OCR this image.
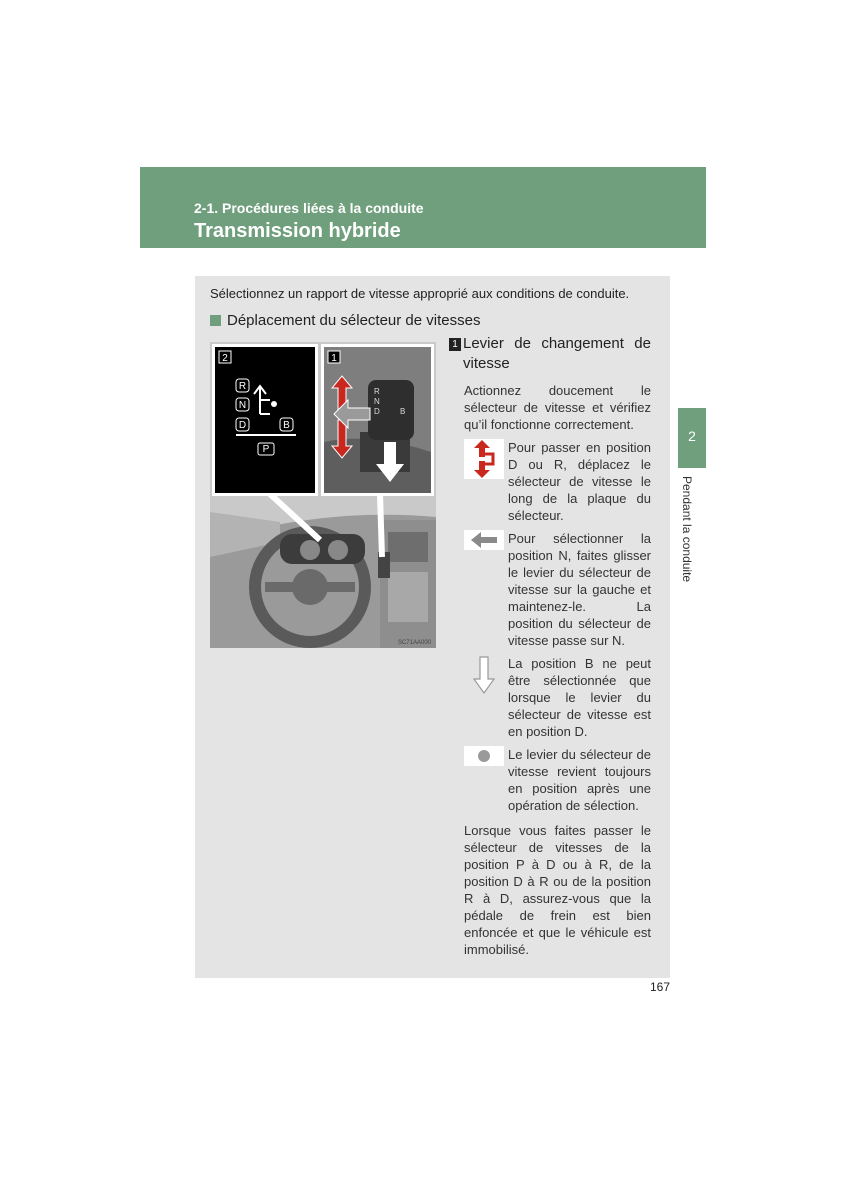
2-1. Procédures liées à la conduite
Transmission hybride
Sélectionnez un rapport de vitesse approprié aux conditions de conduite.
Déplacement du sélecteur de vitesses
2
R
N
D	B
P
1
R
N
D	B
SC71AA000
1 Levier de changement de vitesse
Actionnez doucement le sélecteur de vitesse et vérifiez qu’il fonctionne correctement.
Pour passer en position D ou R, déplacez le sélecteur de vitesse le long de la plaque du sélecteur.
Pour sélectionner la position N, faites glisser le levier du sélecteur de vitesse sur la gauche et maintenez-le. La position du sélecteur de vitesse passe sur N.
La position B ne peut être sélectionnée que lorsque le levier du sélecteur de vitesse est en position D.
Le levier du sélecteur de vitesse revient toujours en position après une opération de sélection.
Lorsque vous faites passer le sélecteur de vitesses de la position P à D ou à R, de la position D à R ou de la position R à D, assurez-vous que la pédale de frein est bien enfoncée et que le véhicule est immobilisé.
2
Pendant la conduite
167
